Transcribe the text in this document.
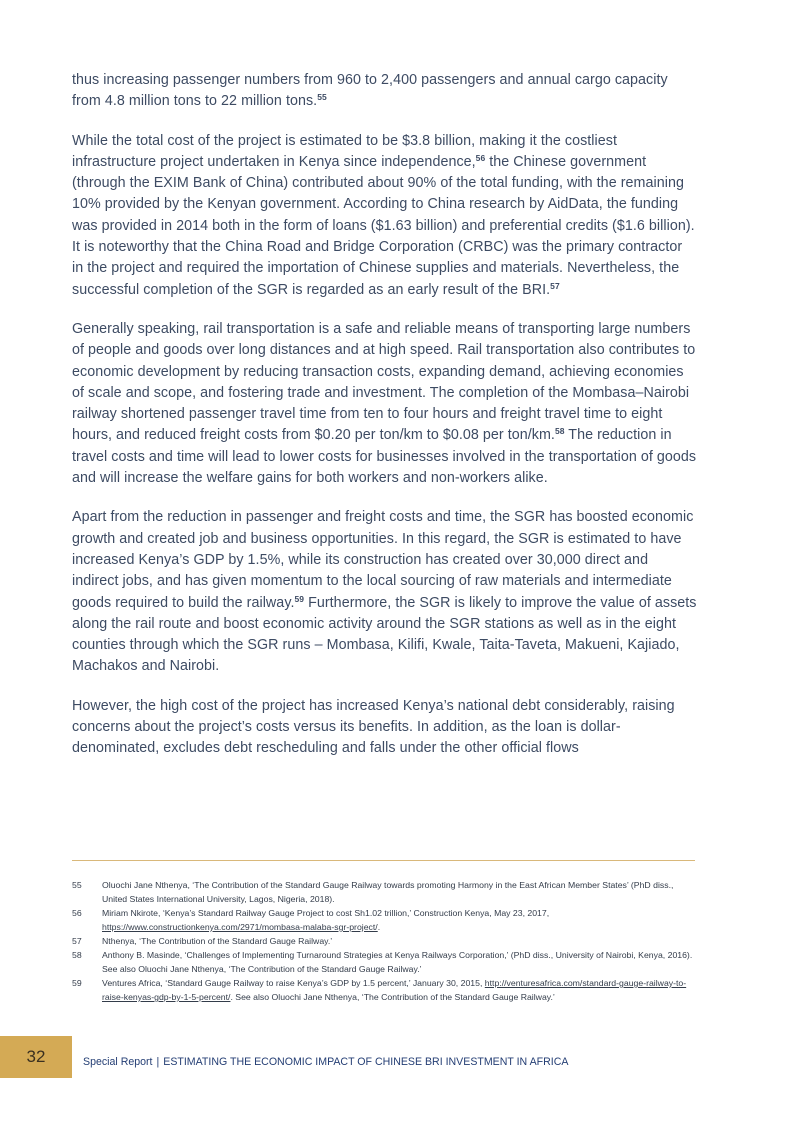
thus increasing passenger numbers from 960 to 2,400 passengers and annual cargo capacity from 4.8 million tons to 22 million tons.$^{55}$

While the total cost of the project is estimated to be $3.8 billion, making it the costliest infrastructure project undertaken in Kenya since independence,$^{56}$ the Chinese government (through the EXIM Bank of China) contributed about 90% of the total funding, with the remaining 10% provided by the Kenyan government. According to China research by AidData, the funding was provided in 2014 both in the form of loans ($1.63 billion) and preferential credits ($1.6 billion). It is noteworthy that the China Road and Bridge Corporation (CRBC) was the primary contractor in the project and required the importation of Chinese supplies and materials. Nevertheless, the successful completion of the SGR is regarded as an early result of the BRI.$^{57}$

Generally speaking, rail transportation is a safe and reliable means of transporting large numbers of people and goods over long distances and at high speed. Rail transportation also contributes to economic development by reducing transaction costs, expanding demand, achieving economies of scale and scope, and fostering trade and investment. The completion of the Mombasa–Nairobi railway shortened passenger travel time from ten to four hours and freight travel time to eight hours, and reduced freight costs from $0.20 per ton/km to $0.08 per ton/km.$^{58}$ The reduction in travel costs and time will lead to lower costs for businesses involved in the transportation of goods and will increase the welfare gains for both workers and non-workers alike.

Apart from the reduction in passenger and freight costs and time, the SGR has boosted economic growth and created job and business opportunities. In this regard, the SGR is estimated to have increased Kenya’s GDP by 1.5%, while its construction has created over 30,000 direct and indirect jobs, and has given momentum to the local sourcing of raw materials and intermediate goods required to build the railway.$^{59}$ Furthermore, the SGR is likely to improve the value of assets along the rail route and boost economic activity around the SGR stations as well as in the eight counties through which the SGR runs – Mombasa, Kilifi, Kwale, Taita-Taveta, Makueni, Kajiado, Machakos and Nairobi.

However, the high cost of the project has increased Kenya’s national debt considerably, raising concerns about the project’s costs versus its benefits. In addition, as the loan is dollar-denominated, excludes debt rescheduling and falls under the other official flows

55	Oluochi Jane Nthenya, ‘The Contribution of the Standard Gauge Railway towards promoting Harmony in the East African Member States’ (PhD diss., United States International University, Lagos, Nigeria, 2018).
56	Miriam Nkirote, ‘Kenya’s Standard Railway Gauge Project to cost Sh1.02 trillion,’ Construction Kenya, May 23, 2017, https://www.constructionkenya.com/2971/mombasa-malaba-sgr-project/.
57	Nthenya, ‘The Contribution of the Standard Gauge Railway.’
58	Anthony B. Masinde, ‘Challenges of Implementing Turnaround Strategies at Kenya Railways Corporation,’ (PhD diss., University of Nairobi, Kenya, 2016). See also Oluochi Jane Nthenya, ‘The Contribution of the Standard Gauge Railway.’
59	Ventures Africa, ‘Standard Gauge Railway to raise Kenya’s GDP by 1.5 percent,’ January 30, 2015, http://venturesafrica.com/standard-gauge-railway-to-raise-kenyas-gdp-by-1-5-percent/. See also Oluochi Jane Nthenya, ‘The Contribution of the Standard Gauge Railway.’
32	Special Report | ESTIMATING THE ECONOMIC IMPACT OF CHINESE BRI INVESTMENT IN AFRICA
